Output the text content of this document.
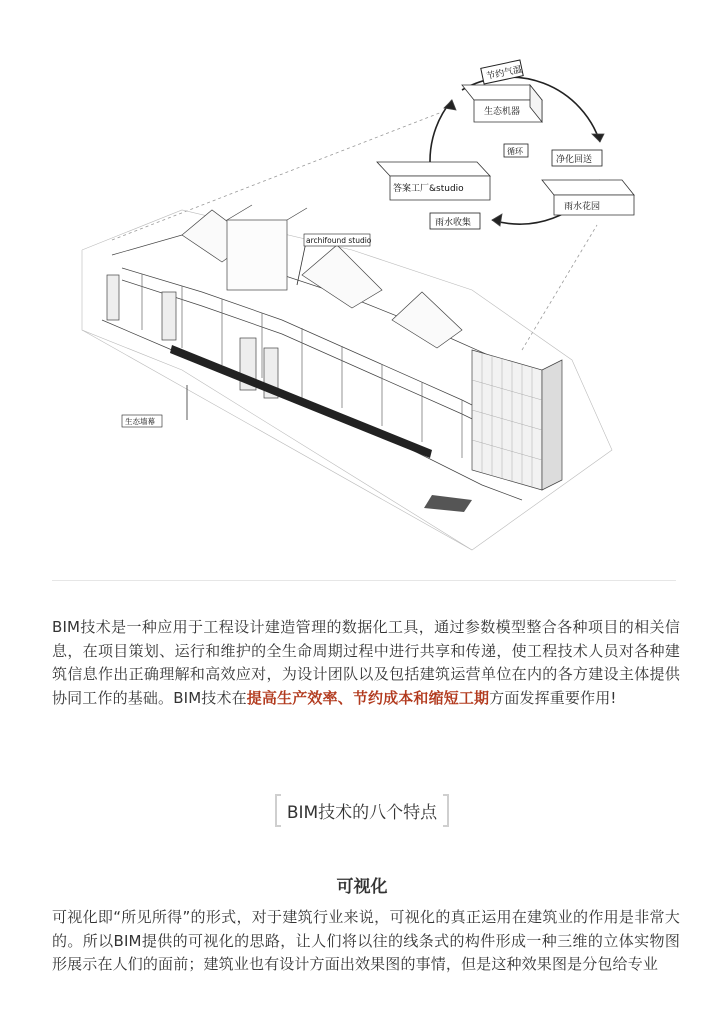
节约气温
生态机器
答案工厂&studio
循环
净化回送
雨水花园
雨水收集
archifound studio
生态墙幕

BIM技术是一种应用于工程设计建造管理的数据化工具，通过参数模型整合各种项目的相关信息，在项目策划、运行和维护的全生命周期过程中进行共享和传递，使工程技术人员对各种建筑信息作出正确理解和高效应对，为设计团队以及包括建筑运营单位在内的各方建设主体提供协同工作的基础。BIM技术在提高生产效率、节约成本和缩短工期方面发挥重要作用!

BIM技术的八个特点
可视化

可视化即“所见所得”的形式，对于建筑行业来说，可视化的真正运用在建筑业的作用是非常大的。所以BIM提供的可视化的思路，让人们将以往的线条式的构件形成一种三维的立体实物图形展示在人们的面前；建筑业也有设计方面出效果图的事情，但是这种效果图是分包给专业
